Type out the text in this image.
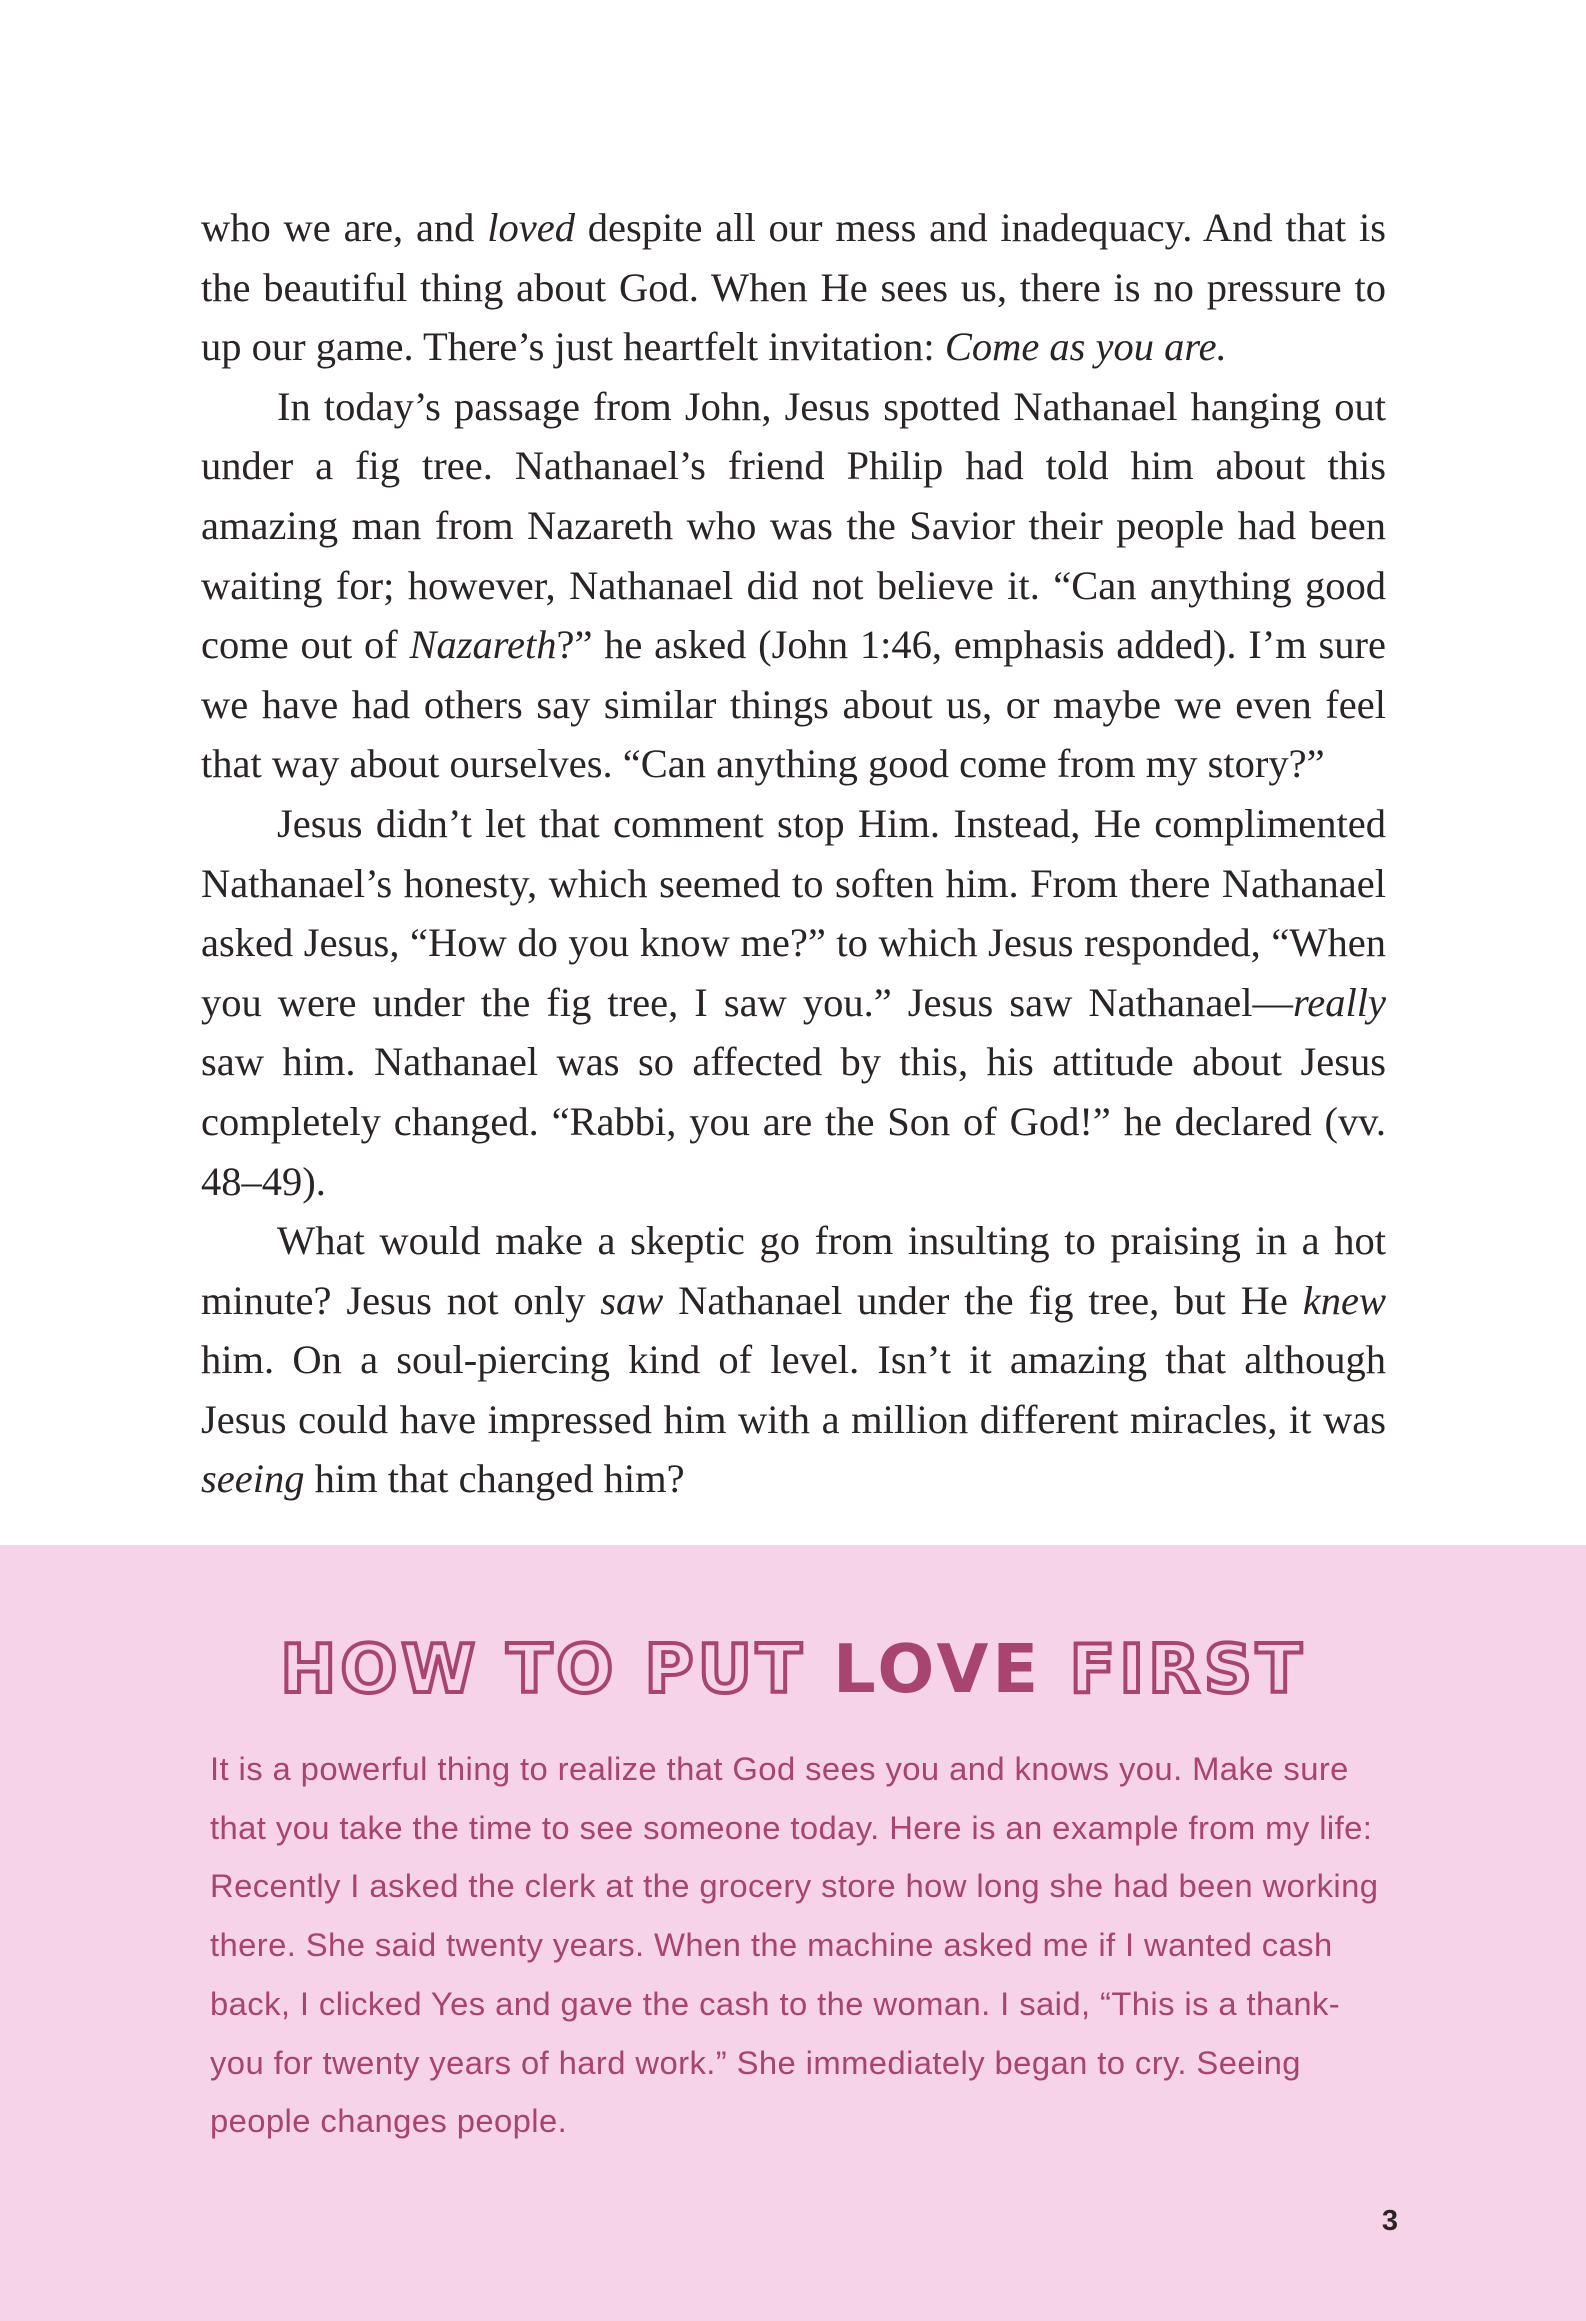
who we are, and loved despite all our mess and inadequacy. And that is the beautiful thing about God. When He sees us, there is no pressure to up our game. There’s just heartfelt invitation: Come as you are.

In today’s passage from John, Jesus spotted Nathanael hanging out under a fig tree. Nathanael’s friend Philip had told him about this amazing man from Nazareth who was the Savior their people had been waiting for; however, Nathanael did not believe it. “Can anything good come out of Nazareth?” he asked (John 1:46, emphasis added). I’m sure we have had others say similar things about us, or maybe we even feel that way about ourselves. “Can anything good come from my story?”

Jesus didn’t let that comment stop Him. Instead, He complimented Nathanael’s honesty, which seemed to soften him. From there Nathanael asked Jesus, “How do you know me?” to which Jesus responded, “When you were under the fig tree, I saw you.” Jesus saw Nathanael—really saw him. Nathanael was so affected by this, his attitude about Jesus completely changed. “Rabbi, you are the Son of God!” he declared (vv. 48–49).

What would make a skeptic go from insulting to praising in a hot minute? Jesus not only saw Nathanael under the fig tree, but He knew him. On a soul-piercing kind of level. Isn’t it amazing that although Jesus could have impressed him with a million different miracles, it was seeing him that changed him?

HOW TO PUT LOVE FIRST

It is a powerful thing to realize that God sees you and knows you. Make sure that you take the time to see someone today. Here is an example from my life: Recently I asked the clerk at the grocery store how long she had been working there. She said twenty years. When the machine asked me if I wanted cash back, I clicked Yes and gave the cash to the woman. I said, “This is a thank-you for twenty years of hard work.” She immediately began to cry. Seeing people changes people.

3
